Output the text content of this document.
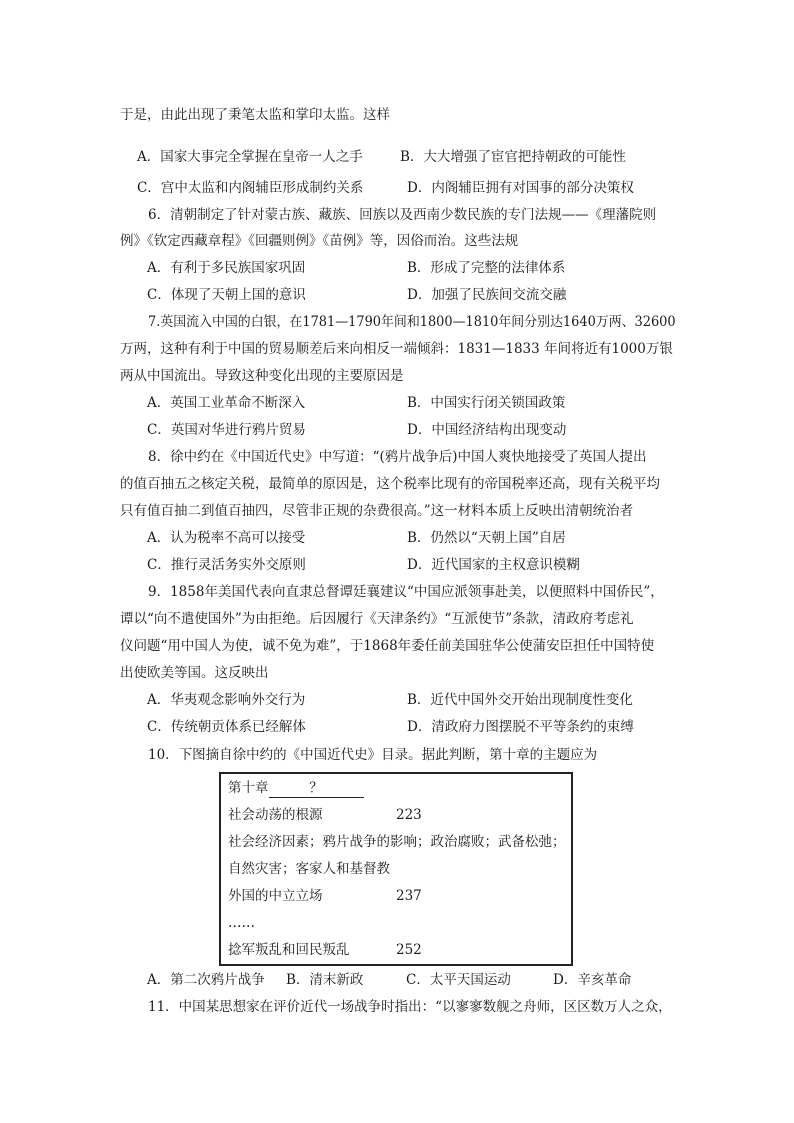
于是，由此出现了秉笔太监和掌印太监。这样
A．国家大事完全掌握在皇帝一人之手	B．大大增强了宦官把持朝政的可能性
C．宫中太监和内阁辅臣形成制约关系	D．内阁辅臣拥有对国事的部分决策权
6．清朝制定了针对蒙古族、藏族、回族以及西南少数民族的专门法规——《理藩院则
例》《钦定西藏章程》《回疆则例》《苗例》等，因俗而治。这些法规
A．有利于多民族国家巩固	B．形成了完整的法律体系
C．体现了天朝上国的意识	D．加强了民族间交流交融
7.英国流入中国的白银，在1781—1790年间和1800—1810年间分别达1640万两、32600
万两，这种有利于中国的贸易顺差后来向相反一端倾斜：1831—1833 年间将近有1000万银
两从中国流出。导致这种变化出现的主要原因是
A．英国工业革命不断深入	B．中国实行闭关锁国政策
C．英国对华进行鸦片贸易	D．中国经济结构出现变动
8．徐中约在《中国近代史》中写道：“(鸦片战争后)中国人爽快地接受了英国人提出
的值百抽五之核定关税，最简单的原因是，这个税率比现有的帝国税率还高，现有关税平均
只有值百抽二到值百抽四，尽管非正规的杂费很高。”这一材料本质上反映出清朝统治者
A．认为税率不高可以接受	B．仍然以“天朝上国”自居
C．推行灵活务实外交原则	D．近代国家的主权意识模糊
9．1858年美国代表向直隶总督谭廷襄建议“中国应派领事赴美，以便照料中国侨民”，
谭以“向不遣使国外”为由拒绝。后因履行《天津条约》“互派使节”条款，清政府考虑礼
仪问题“用中国人为使，诚不免为难”，于1868年委任前美国驻华公使蒲安臣担任中国特使
出使欧美等国。这反映出
A．华夷观念影响外交行为	B．近代中国外交开始出现制度性变化
C．传统朝贡体系已经解体	D．清政府力图摆脱不平等条约的束缚
10．下图摘自徐中约的《中国近代史》目录。据此判断，第十章的主题应为
第十章	？
社会动荡的根源	223
社会经济因素；鸦片战争的影响；政治腐败；武备松弛；
自然灾害；客家人和基督教
外国的中立立场	237
……
捻军叛乱和回民叛乱	252
A．第二次鸦片战争 B．清末新政	C．太平天国运动	D．辛亥革命
11．中国某思想家在评价近代一场战争时指出：“以寥寥数舰之舟师，区区数万人之众，
